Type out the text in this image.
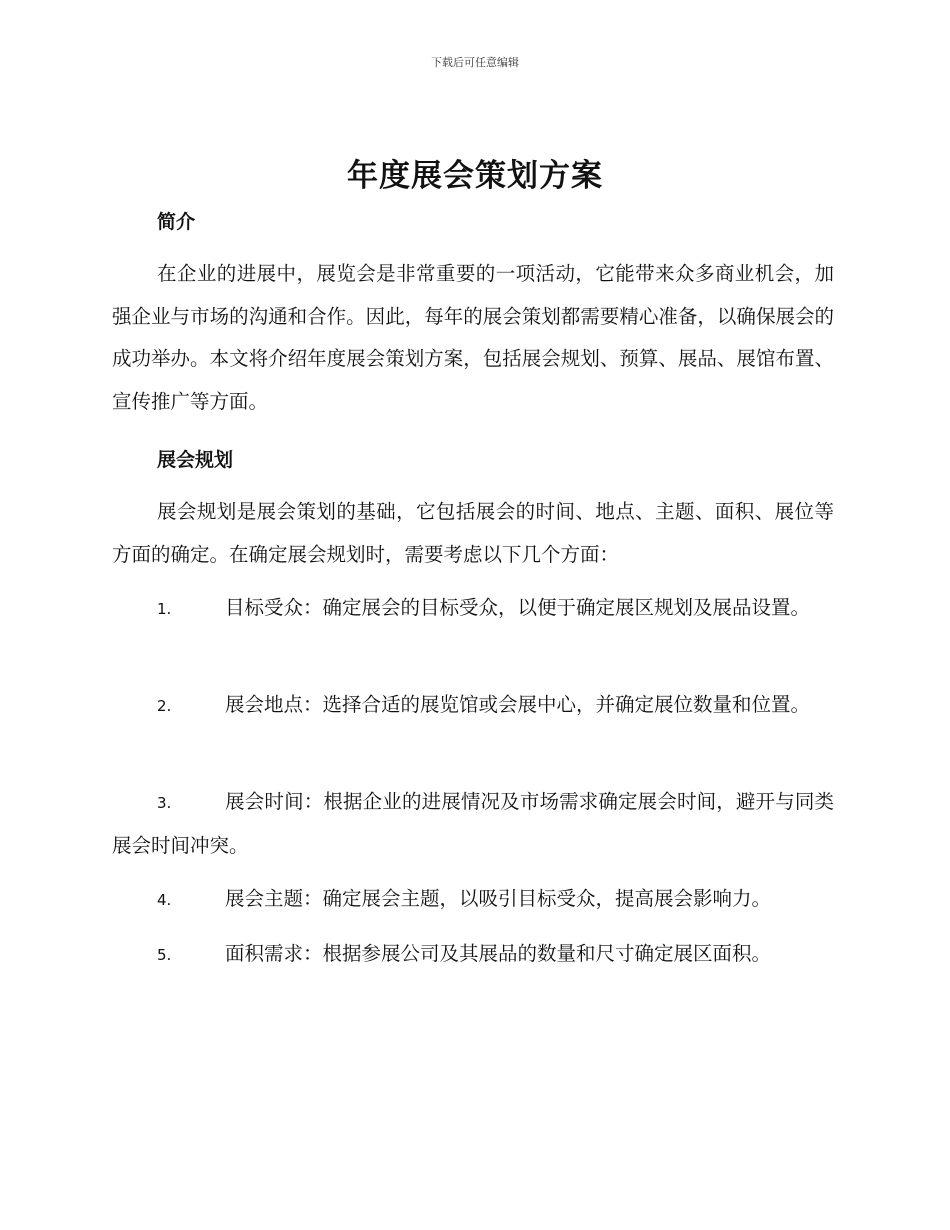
下载后可任意编辑
年度展会策划方案
简介
在企业的进展中，展览会是非常重要的一项活动，它能带来众多商业机会，加强企业与市场的沟通和合作。因此，每年的展会策划都需要精心准备，以确保展会的成功举办。本文将介绍年度展会策划方案，包括展会规划、预算、展品、展馆布置、宣传推广等方面。
展会规划
展会规划是展会策划的基础，它包括展会的时间、地点、主题、面积、展位等方面的确定。在确定展会规划时，需要考虑以下几个方面：
1.	目标受众：确定展会的目标受众，以便于确定展区规划及展品设置。
2.	展会地点：选择合适的展览馆或会展中心，并确定展位数量和位置。
3.	展会时间：根据企业的进展情况及市场需求确定展会时间，避开与同类展会时间冲突。
4.	展会主题：确定展会主题，以吸引目标受众，提高展会影响力。
5.	面积需求：根据参展公司及其展品的数量和尺寸确定展区面积。
